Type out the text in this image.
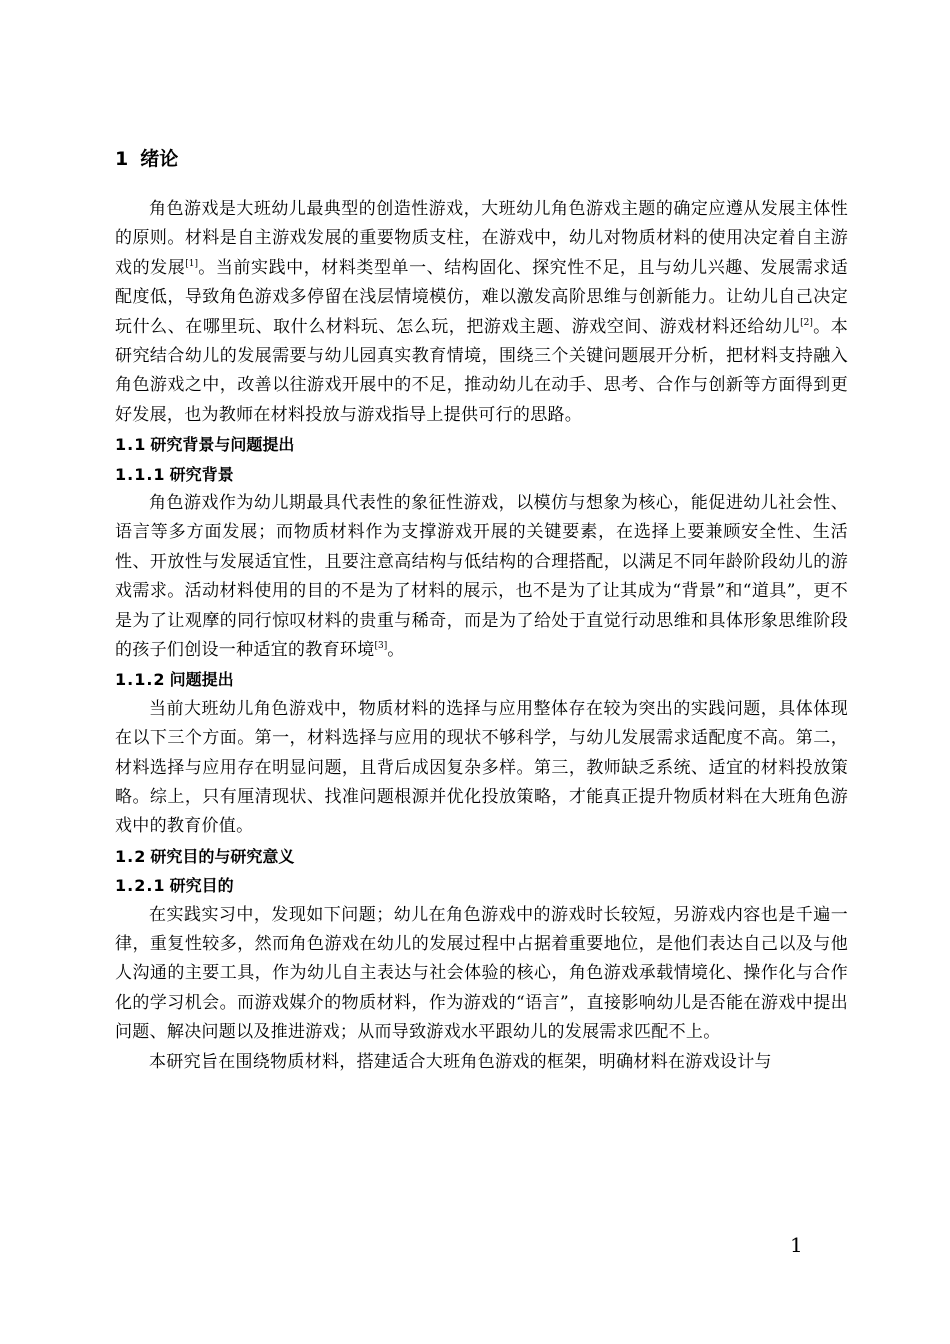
1 绪论

角色游戏是大班幼儿最典型的创造性游戏，大班幼儿角色游戏主题的确定应遵从发展主体性的原则。材料是自主游戏发展的重要物质支柱，在游戏中，幼儿对物质材料的使用决定着自主游戏的发展[1]。当前实践中，材料类型单一、结构固化、探究性不足，且与幼儿兴趣、发展需求适配度低，导致角色游戏多停留在浅层情境模仿，难以激发高阶思维与创新能力。让幼儿自己决定玩什么、在哪里玩、取什么材料玩、怎么玩，把游戏主题、游戏空间、游戏材料还给幼儿[2]。本研究结合幼儿的发展需要与幼儿园真实教育情境，围绕三个关键问题展开分析，把材料支持融入角色游戏之中，改善以往游戏开展中的不足，推动幼儿在动手、思考、合作与创新等方面得到更好发展，也为教师在材料投放与游戏指导上提供可行的思路。

1.1 研究背景与问题提出
1.1.1 研究背景

角色游戏作为幼儿期最具代表性的象征性游戏，以模仿与想象为核心，能促进幼儿社会性、语言等多方面发展；而物质材料作为支撑游戏开展的关键要素，在选择上要兼顾安全性、生活性、开放性与发展适宜性，且要注意高结构与低结构的合理搭配，以满足不同年龄阶段幼儿的游戏需求。活动材料使用的目的不是为了材料的展示，也不是为了让其成为“背景”和“道具”，更不是为了让观摩的同行惊叹材料的贵重与稀奇，而是为了给处于直觉行动思维和具体形象思维阶段的孩子们创设一种适宜的教育环境[3]。

1.1.2 问题提出

当前大班幼儿角色游戏中，物质材料的选择与应用整体存在较为突出的实践问题，具体体现在以下三个方面。第一，材料选择与应用的现状不够科学，与幼儿发展需求适配度不高。第二，材料选择与应用存在明显问题，且背后成因复杂多样。第三，教师缺乏系统、适宜的材料投放策略。综上，只有厘清现状、找准问题根源并优化投放策略，才能真正提升物质材料在大班角色游戏中的教育价值。

1.2 研究目的与研究意义
1.2.1 研究目的

在实践实习中，发现如下问题；幼儿在角色游戏中的游戏时长较短，另游戏内容也是千遍一律，重复性较多，然而角色游戏在幼儿的发展过程中占据着重要地位，是他们表达自己以及与他人沟通的主要工具，作为幼儿自主表达与社会体验的核心，角色游戏承载情境化、操作化与合作化的学习机会。而游戏媒介的物质材料，作为游戏的“语言”，直接影响幼儿是否能在游戏中提出问题、解决问题以及推进游戏；从而导致游戏水平跟幼儿的发展需求匹配不上。

本研究旨在围绕物质材料，搭建适合大班角色游戏的框架，明确材料在游戏设计与

1
